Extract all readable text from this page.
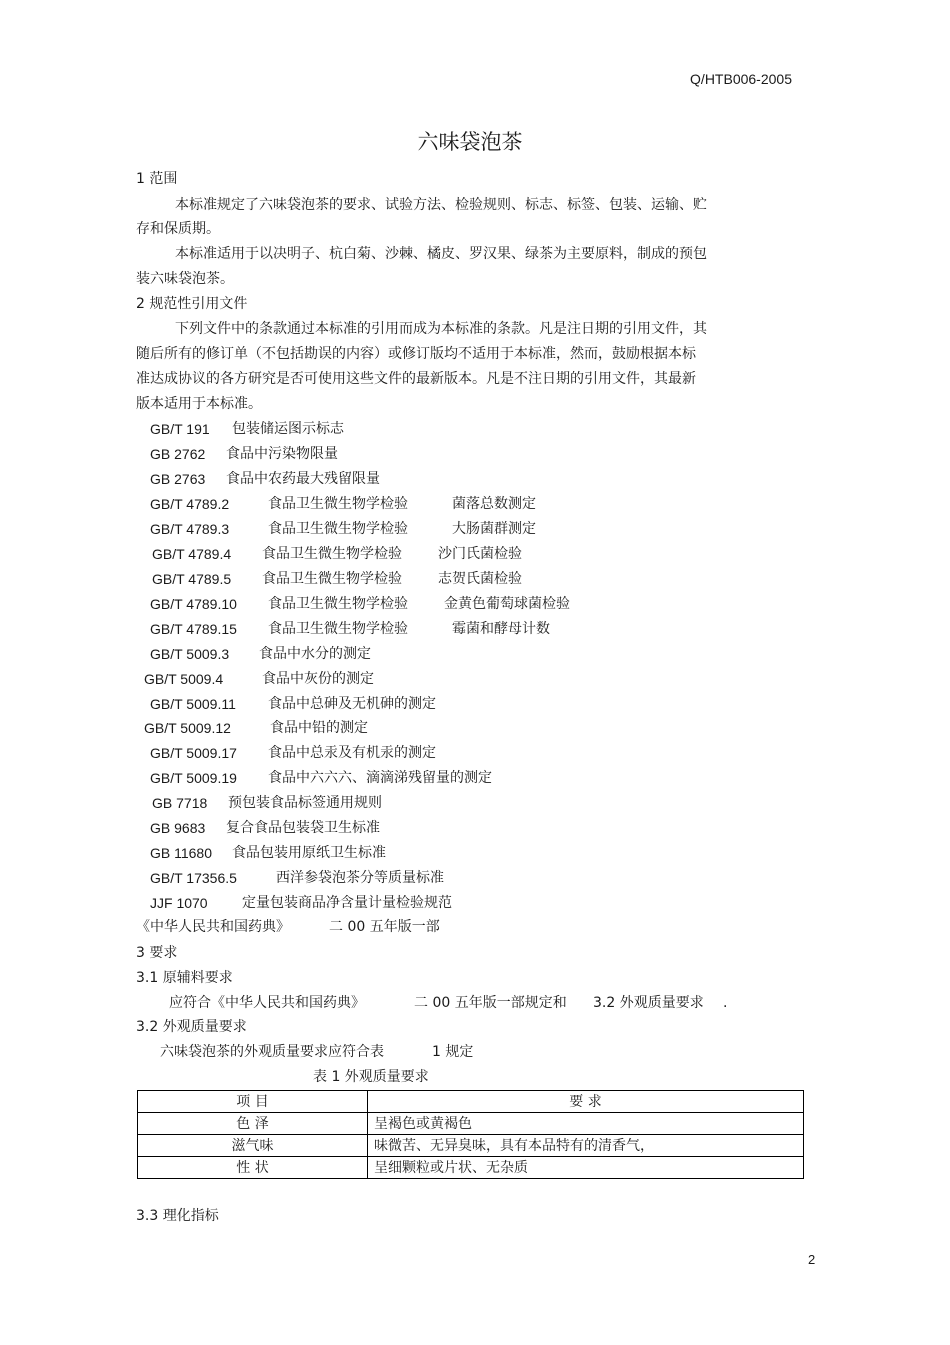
Q/HTB006-2005
六味袋泡茶
1 范围
本标准规定了六味袋泡茶的要求、试验方法、检验规则、标志、标签、包装、运输、贮
存和保质期。
本标准适用于以决明子、杭白菊、沙棘、橘皮、罗汉果、绿茶为主要原料，制成的预包
装六味袋泡茶。
2 规范性引用文件
下列文件中的条款通过本标准的引用而成为本标准的条款。凡是注日期的引用文件，其
随后所有的修订单（不包括勘误的内容）或修订版均不适用于本标准，然而，鼓励根据本标
准达成协议的各方研究是否可使用这些文件的最新版本。凡是不注日期的引用文件，其最新
版本适用于本标准。
GB/T 191 包装储运图示标志
GB 2762 食品中污染物限量
GB 2763 食品中农药最大残留限量
GB/T 4789.2	食品卫生微生物学检验	菌落总数测定
GB/T 4789.3	食品卫生微生物学检验	大肠菌群测定
GB/T 4789.4 食品卫生微生物学检验	沙门氏菌检验
GB/T 4789.5 食品卫生微生物学检验	志贺氏菌检验
GB/T 4789.10 食品卫生微生物学检验	金黄色葡萄球菌检验
GB/T 4789.15 食品卫生微生物学检验	霉菌和酵母计数
GB/T 5009.3 食品中水分的测定
GB/T 5009.4	食品中灰份的测定
GB/T 5009.11 食品中总砷及无机砷的测定
GB/T 5009.12	食品中铅的测定
GB/T 5009.17 食品中总汞及有机汞的测定
GB/T 5009.19 食品中六六六、滴滴涕残留量的测定
GB 7718 预包装食品标签通用规则
GB 9683 复合食品包装袋卫生标准
GB 11680 食品包装用原纸卫生标准
GB/T 17356.5	西洋参袋泡茶分等质量标准
JJF 1070 定量包装商品净含量计量检验规范
《中华人民共和国药典》	二 00 五年版一部
3 要求
3.1 原辅料要求
应符合《中华人民共和国药典》	二 00 五年版一部规定和 3.2 外观质量要求 .
3.2 外观质量要求
六味袋泡茶的外观质量要求应符合表	1 规定
表 1 外观质量要求
项 目	要 求
色 泽	呈褐色或黄褐色
滋气味	味微苦、无异臭味，具有本品特有的清香气，
性 状	呈细颗粒或片状、无杂质
3.3 理化指标
2
